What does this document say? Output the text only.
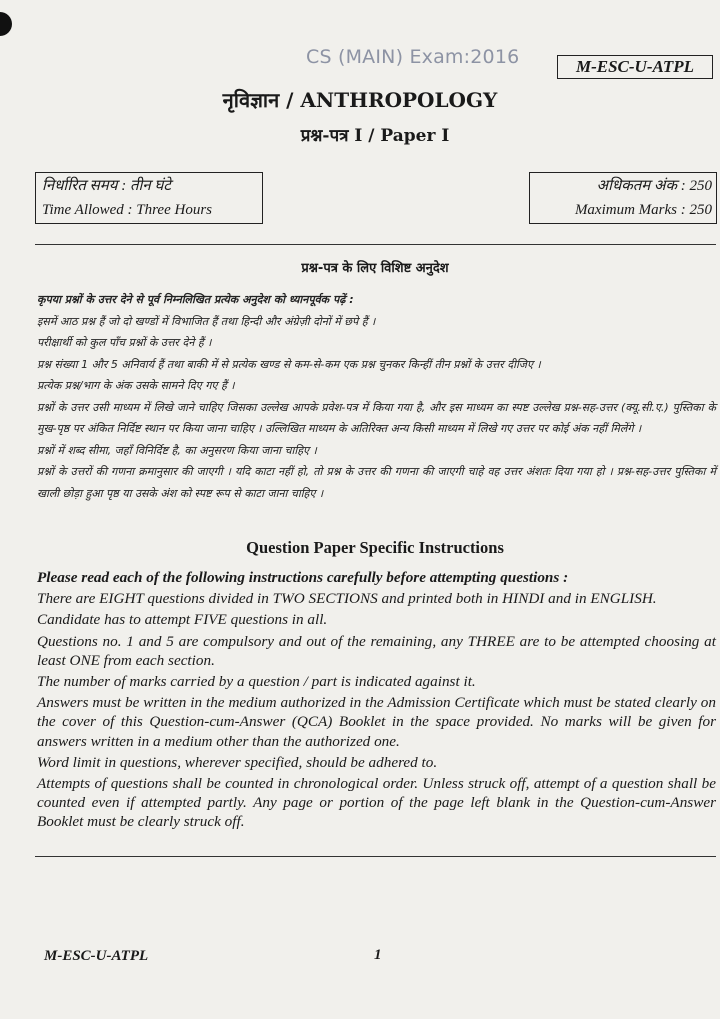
CS (MAIN) Exam:2016	M-ESC-U-ATPL
नृविज्ञान / ANTHROPOLOGY
प्रश्न-पत्र I / Paper I
निर्धारित समय : तीन घंटे
Time Allowed : Three Hours
अधिकतम अंक : 250
Maximum Marks : 250
प्रश्न-पत्र के लिए विशिष्ट अनुदेश

कृपया प्रश्नों के उत्तर देने से पूर्व निम्नलिखित प्रत्येक अनुदेश को ध्यानपूर्वक पढ़ें :

इसमें आठ प्रश्न हैं जो दो खण्डों में विभाजित हैं तथा हिन्दी और अंग्रेज़ी दोनों में छपे हैं ।

परीक्षार्थी को कुल पाँच प्रश्नों के उत्तर देने हैं ।

प्रश्न संख्या 1 और 5 अनिवार्य हैं तथा बाकी में से प्रत्येक खण्ड से कम-से-कम एक प्रश्न चुनकर किन्हीं तीन प्रश्नों के उत्तर दीजिए ।

प्रत्येक प्रश्न/भाग के अंक उसके सामने दिए गए हैं ।

प्रश्नों के उत्तर उसी माध्यम में लिखे जाने चाहिए जिसका उल्लेख आपके प्रवेश-पत्र में किया गया है, और इस माध्यम का स्पष्ट उल्लेख प्रश्न-सह-उत्तर (क्यू.सी.ए.) पुस्तिका के मुख-पृष्ठ पर अंकित निर्दिष्ट स्थान पर किया जाना चाहिए । उल्लिखित माध्यम के अतिरिक्त अन्य किसी माध्यम में लिखे गए उत्तर पर कोई अंक नहीं मिलेंगे ।

प्रश्नों में शब्द सीमा, जहाँ विनिर्दिष्ट है, का अनुसरण किया जाना चाहिए ।

प्रश्नों के उत्तरों की गणना क्रमानुसार की जाएगी । यदि काटा नहीं हो, तो प्रश्न के उत्तर की गणना की जाएगी चाहे वह उत्तर अंशतः दिया गया हो । प्रश्न-सह-उत्तर पुस्तिका में खाली छोड़ा हुआ पृष्ठ या उसके अंश को स्पष्ट रूप से काटा जाना चाहिए ।

Question Paper Specific Instructions

Please read each of the following instructions carefully before attempting questions :

There are EIGHT questions divided in TWO SECTIONS and printed both in HINDI and in ENGLISH.

Candidate has to attempt FIVE questions in all.

Questions no. 1 and 5 are compulsory and out of the remaining, any THREE are to be attempted choosing at least ONE from each section.

The number of marks carried by a question / part is indicated against it.

Answers must be written in the medium authorized in the Admission Certificate which must be stated clearly on the cover of this Question-cum-Answer (QCA) Booklet in the space provided. No marks will be given for answers written in a medium other than the authorized one.

Word limit in questions, wherever specified, should be adhered to.

Attempts of questions shall be counted in chronological order. Unless struck off, attempt of a question shall be counted even if attempted partly. Any page or portion of the page left blank in the Question-cum-Answer Booklet must be clearly struck off.

M-ESC-U-ATPL	1
